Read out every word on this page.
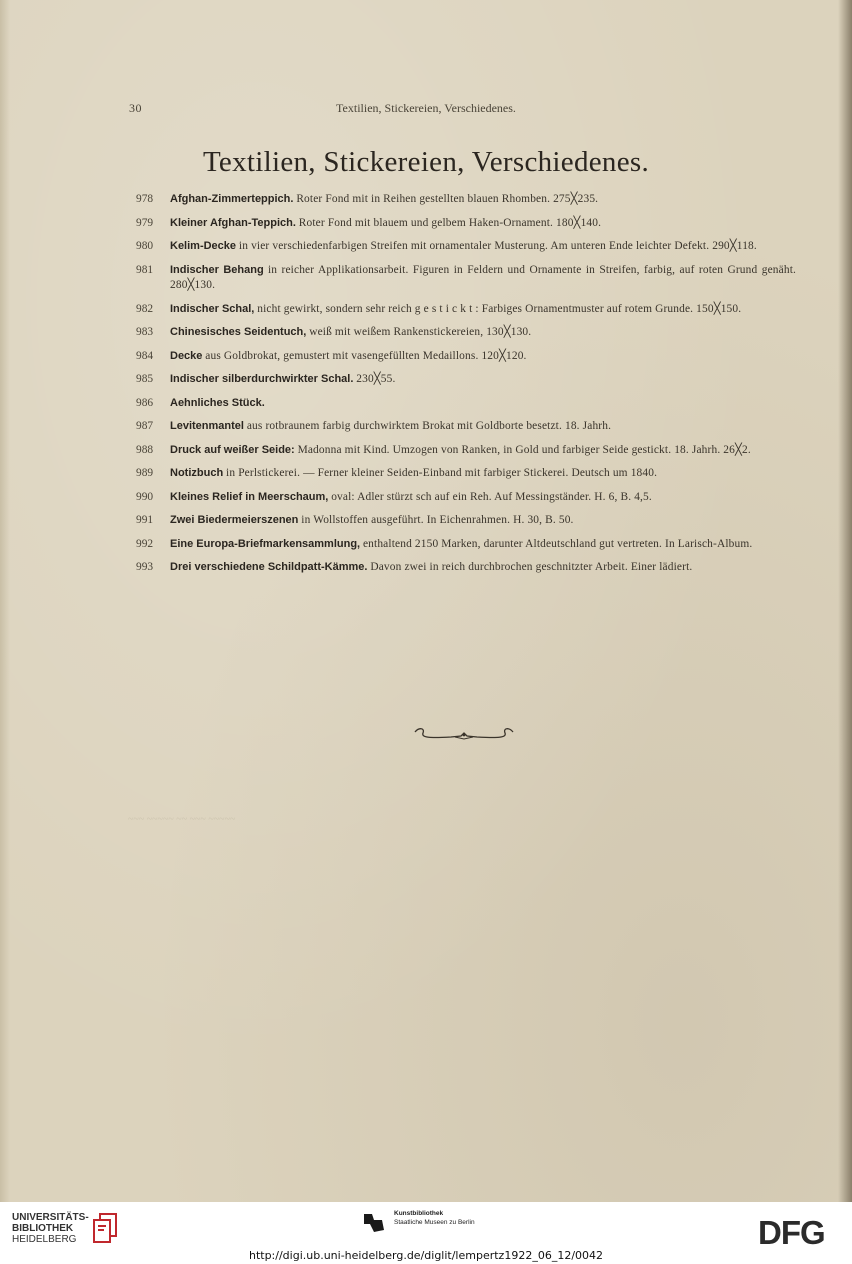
30	Textilien, Stickereien, Verschiedenes.
Textilien, Stickereien, Verschiedenes.
978	Afghan-Zimmerteppich. Roter Fond mit in Reihen gestellten blauen Rhomben. 275╳235.
979	Kleiner Afghan-Teppich. Roter Fond mit blauem und gelbem Haken-Ornament. 180╳140.
980	Kelim-Decke in vier verschiedenfarbigen Streifen mit ornamentaler Musterung. Am unteren Ende leichter Defekt. 290╳118.
981	Indischer Behang in reicher Applikationsarbeit. Figuren in Feldern und Ornamente in Streifen, farbig, auf roten Grund genäht. 280╳130.
982	Indischer Schal, nicht gewirkt, sondern sehr reich g e s t i c k t : Farbiges Ornamentmuster auf rotem Grunde. 150╳150.
983	Chinesisches Seidentuch, weiß mit weißem Rankenstickereien, 130╳130.
984	Decke aus Goldbrokat, gemustert mit vasengefüllten Medaillons. 120╳120.
985	Indischer silberdurchwirkter Schal. 230╳55.
986	Aehnliches Stück.
987	Levitenmantel aus rotbraunem farbig durchwirktem Brokat mit Goldborte besetzt. 18. Jahrh.
988	Druck auf weißer Seide: Madonna mit Kind. Umzogen von Ranken, in Gold und farbiger Seide gestickt. 18. Jahrh. 26╳2.
989	Notizbuch in Perlstickerei. — Ferner kleiner Seiden-Einband mit farbiger Stickerei. Deutsch um 1840.
990	Kleines Relief in Meerschaum, oval: Adler stürzt sch auf ein Reh. Auf Messingständer. H. 6, B. 4,5.
991	Zwei Biedermeierszenen in Wollstoffen ausgeführt. In Eichenrahmen. H. 30, B. 50.
992	Eine Europa-Briefmarkensammlung, enthaltend 2150 Marken, darunter Altdeutschland gut vertreten. In Larisch-Album.
993	Drei verschiedene Schildpatt-Kämme. Davon zwei in reich durchbrochen geschnitzter Arbeit. Einer lädiert.
~~~ ~~~~~ ~~ ~~~ ~~~~~
UNIVERSITÄTS-
BIBLIOTHEK
HEIDELBERG
Kunstbibliothek
Staatliche Museen zu Berlin	DFG
http://digi.ub.uni-heidelberg.de/diglit/lempertz1922_06_12/0042
